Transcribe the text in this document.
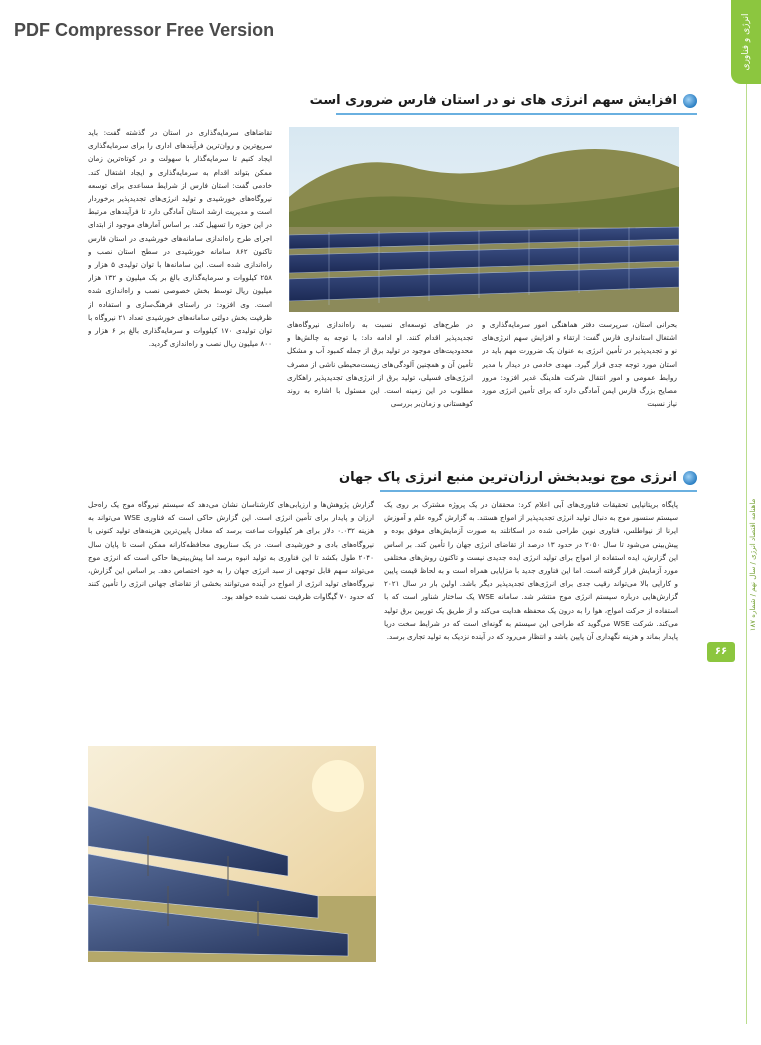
PDF Compressor Free Version	انرژی و فناوری
ماهنامه اقتصاد انرژی / سال نهم / شماره ۱۸۷
۶۶
افزایش سهم انرژی های نو در استان فارس ضروری است

تقاضاهای سرمایه‌گذاری در استان در گذشته گفت: باید سریع‌ترین و روان‌ترین فرآیندهای اداری را برای سرمایه‌گذاری ایجاد کنیم تا سرمایه‌گذار با سهولت و در کوتاه‌ترین زمان ممکن بتواند اقدام به سرمایه‌گذاری و ایجاد اشتغال کند. خادمی گفت: استان فارس از شرایط مساعدی برای توسعه نیروگاه‌های خورشیدی و تولید انرژی‌های تجدیدپذیر برخوردار است و مدیریت ارشد استان آمادگی دارد تا فرآیندهای مرتبط در این حوزه را تسهیل کند. بر اساس آمارهای موجود از ابتدای اجرای طرح راه‌اندازی سامانه‌های خورشیدی در استان فارس تاکنون ۸۶۲ سامانه خورشیدی در سطح استان نصب و راه‌اندازی شده است. این سامانه‌ها با توان تولیدی ۵ هزار و ۲۵۸ کیلووات و سرمایه‌گذاری بالغ بر یک میلیون و ۱۳۲ هزار میلیون ریال توسط بخش خصوصی نصب و راه‌اندازی شده است. وی افزود: در راستای فرهنگ‌سازی و استفاده از ظرفیت بخش دولتی سامانه‌های خورشیدی تعداد ۲۱ نیروگاه با توان تولیدی ۱۷۰ کیلووات و سرمایه‌گذاری بالغ بر ۶ هزار و ۸۰۰ میلیون ریال نصب و راه‌اندازی گردید.

بحرانی استان، سرپرست دفتر هماهنگی امور سرمایه‌گذاری و اشتغال استانداری فارس گفت: ارتقاء و افزایش سهم انرژی‌های نو و تجدیدپذیر در تأمین انرژی به عنوان یک ضرورت مهم باید در استان مورد توجه جدی قرار گیرد. مهدی خادمی در دیدار با مدیر روابط عمومی و امور انتقال شرکت هلدینگ غدیر افزود: مرور مصایح بزرگ فارس ایمن آمادگی دارد که برای تأمین انرژی مورد نیاز نسبت

در طرح‌های توسعه‌ای نسبت به راه‌اندازی نیروگاه‌های تجدیدپذیر اقدام کنند. او ادامه داد: با توجه به چالش‌ها و محدودیت‌های موجود در تولید برق از جمله کمبود آب و مشکل تأمین آن و همچنین آلودگی‌های زیست‌محیطی ناشی از مصرف انرژی‌های فسیلی، تولید برق از انرژی‌های تجدیدپذیر راهکاری مطلوب در این زمینه است. این مسئول با اشاره به روند کوهستانی و زمان‌بر بررسی

انرژی موج نوید‌بخش ارزان‌ترین منبع انرژی پاک جهان

پایگاه بریتانیایی تحقیقات فناوری‌های آبی اعلام کرد: محققان در یک پروژه مشترک بر روی یک سیستم سنسور موج به دنبال تولید انرژی تجدیدپذیر از امواج هستند. به گزارش گروه علم و آموزش ایرنا از نیواطلس، فناوری نوین طراحی شده در اسکاتلند به صورت آزمایش‌های موفق بوده و پیش‌بینی می‌شود تا سال ۲۰۵۰ در حدود ۱۳ درصد از تقاضای انرژی جهان را تأمین کند. بر اساس این گزارش، ایده استفاده از امواج برای تولید انرژی ایده جدیدی نیست و تاکنون روش‌های مختلفی مورد آزمایش قرار گرفته است. اما این فناوری جدید با مزایایی همراه است و به لحاظ قیمت پایین و کارایی بالا می‌تواند رقیب جدی برای انرژی‌های تجدیدپذیر دیگر باشد. اولین بار در سال ۲۰۲۱ گزارش‌هایی درباره سیستم انرژی موج منتشر شد. سامانه WSE یک ساختار شناور است که با استفاده از حرکت امواج، هوا را به درون یک محفظه هدایت می‌کند و از طریق یک توربین برق تولید می‌کند. شرکت WSE می‌گوید که طراحی این سیستم به گونه‌ای است که در شرایط سخت دریا پایدار بماند و هزینه نگهداری آن پایین باشد و انتظار می‌رود که در آینده نزدیک به تولید تجاری برسد.

گزارش پژوهش‌ها و ارزیابی‌های کارشناسان نشان می‌دهد که سیستم نیروگاه موج یک راه‌حل ارزان و پایدار برای تأمین انرژی است. این گزارش حاکی است که فناوری WSE می‌تواند به هزینه ۰.۰۳۲ دلار برای هر کیلووات ساعت برسد که معادل پایین‌ترین هزینه‌های تولید کنونی با نیروگاه‌های بادی و خورشیدی است. در یک سناریوی محافظه‌کارانه ممکن است تا پایان سال ۲۰۴۰ طول بکشد تا این فناوری به تولید انبوه برسد اما پیش‌بینی‌ها حاکی است که انرژی موج می‌تواند سهم قابل توجهی از سبد انرژی جهان را به خود اختصاص دهد. بر اساس این گزارش، نیروگاه‌های تولید انرژی از امواج در آینده می‌توانند بخشی از تقاضای جهانی انرژی را تأمین کنند که حدود ۷۰ گیگاوات ظرفیت نصب شده خواهد بود.
